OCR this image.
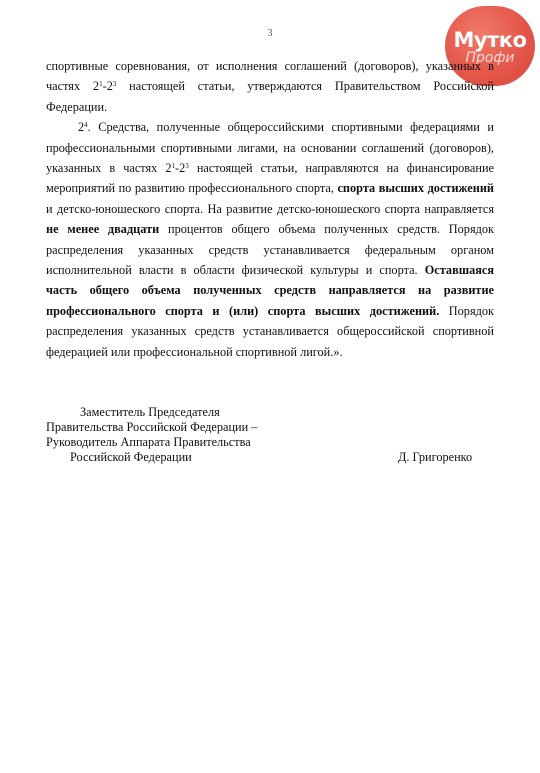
3	Мутко
Профи

спортивные соревнования, от исполнения соглашений (договоров), указанных в частях $2^1-2^3$ настоящей статьи, утверждаются Правительством Российской Федерации.

$2^4$. Средства, полученные общероссийскими спортивными федерациями и профессиональными спортивными лигами, на основании соглашений (договоров), указанных в частях $2^1-2^3$ настоящей статьи, направляются на финансирование мероприятий по развитию профессионального спорта, спорта высших достижений и детско-юношеского спорта. На развитие детско-юношеского спорта направляется не менее двадцати процентов общего объема полученных средств. Порядок распределения указанных средств устанавливается федеральным органом исполнительной власти в области физической культуры и спорта. Оставшаяся часть общего объема полученных средств направляется на развитие профессионального спорта и (или) спорта высших достижений. Порядок распределения указанных средств устанавливается общероссийской спортивной федерацией или профессиональной спортивной лигой.».

Заместитель Председателя
Правительства Российской Федерации –
Руководитель Аппарата Правительства
Российской Федерации	Д. Григоренко
